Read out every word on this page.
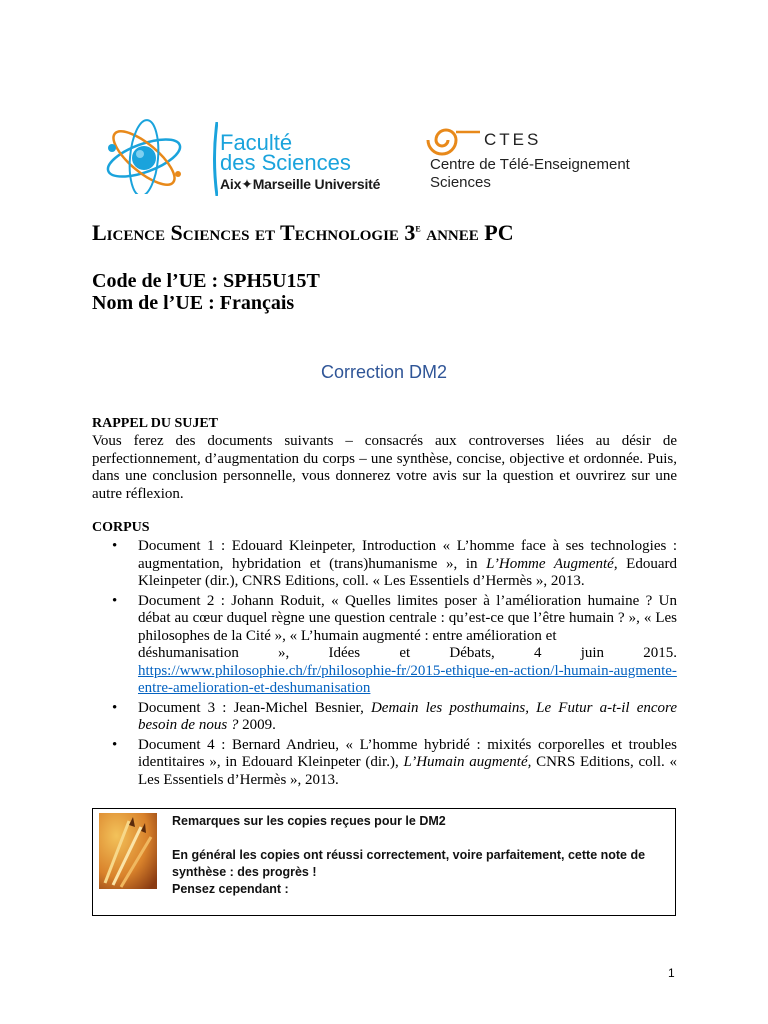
Faculté
des Sciences
Aix✦Marseille Université
CTES
Centre de Télé-Enseignement
Sciences
Licence Sciences et Technologie 3e annee PC
Code de l’UE : SPH5U15T
Nom de l’UE : Français
Correction DM2
RAPPEL DU SUJET
Vous ferez des documents suivants – consacrés aux controverses liées au désir de perfectionnement, d’augmentation du corps – une synthèse, concise, objective et ordonnée. Puis, dans une conclusion personnelle, vous donnerez votre avis sur la question et ouvrirez sur une autre réflexion.
CORPUS
• Document 1 : Edouard Kleinpeter, Introduction « L’homme face à ses technologies : augmentation, hybridation et (trans)humanisme », in L’Homme Augmenté, Edouard Kleinpeter (dir.), CNRS Editions, coll. « Les Essentiels d’Hermès », 2013.
• Document 2 : Johann Roduit, « Quelles limites poser à l’amélioration humaine ? Un débat au cœur duquel règne une question centrale : qu’est-ce que l’être humain ? », « Les philosophes de la Cité », « L’humain augmenté : entre amélioration et
déshumanisation », Idées et Débats, 4 juin 2015.
https://www.philosophie.ch/fr/philosophie-fr/2015-ethique-en-action/l-humain-augmente-entre-amelioration-et-deshumanisation
• Document 3 : Jean-Michel Besnier, Demain les posthumains, Le Futur a-t-il encore besoin de nous ? 2009.
• Document 4 : Bernard Andrieu, « L’homme hybridé : mixités corporelles et troubles identitaires », in Edouard Kleinpeter (dir.), L’Humain augmenté, CNRS Editions, coll. « Les Essentiels d’Hermès », 2013.

Remarques sur les copies reçues pour le DM2

En général les copies ont réussi correctement, voire parfaitement, cette note de synthèse : des progrès !

Pensez cependant :

1
